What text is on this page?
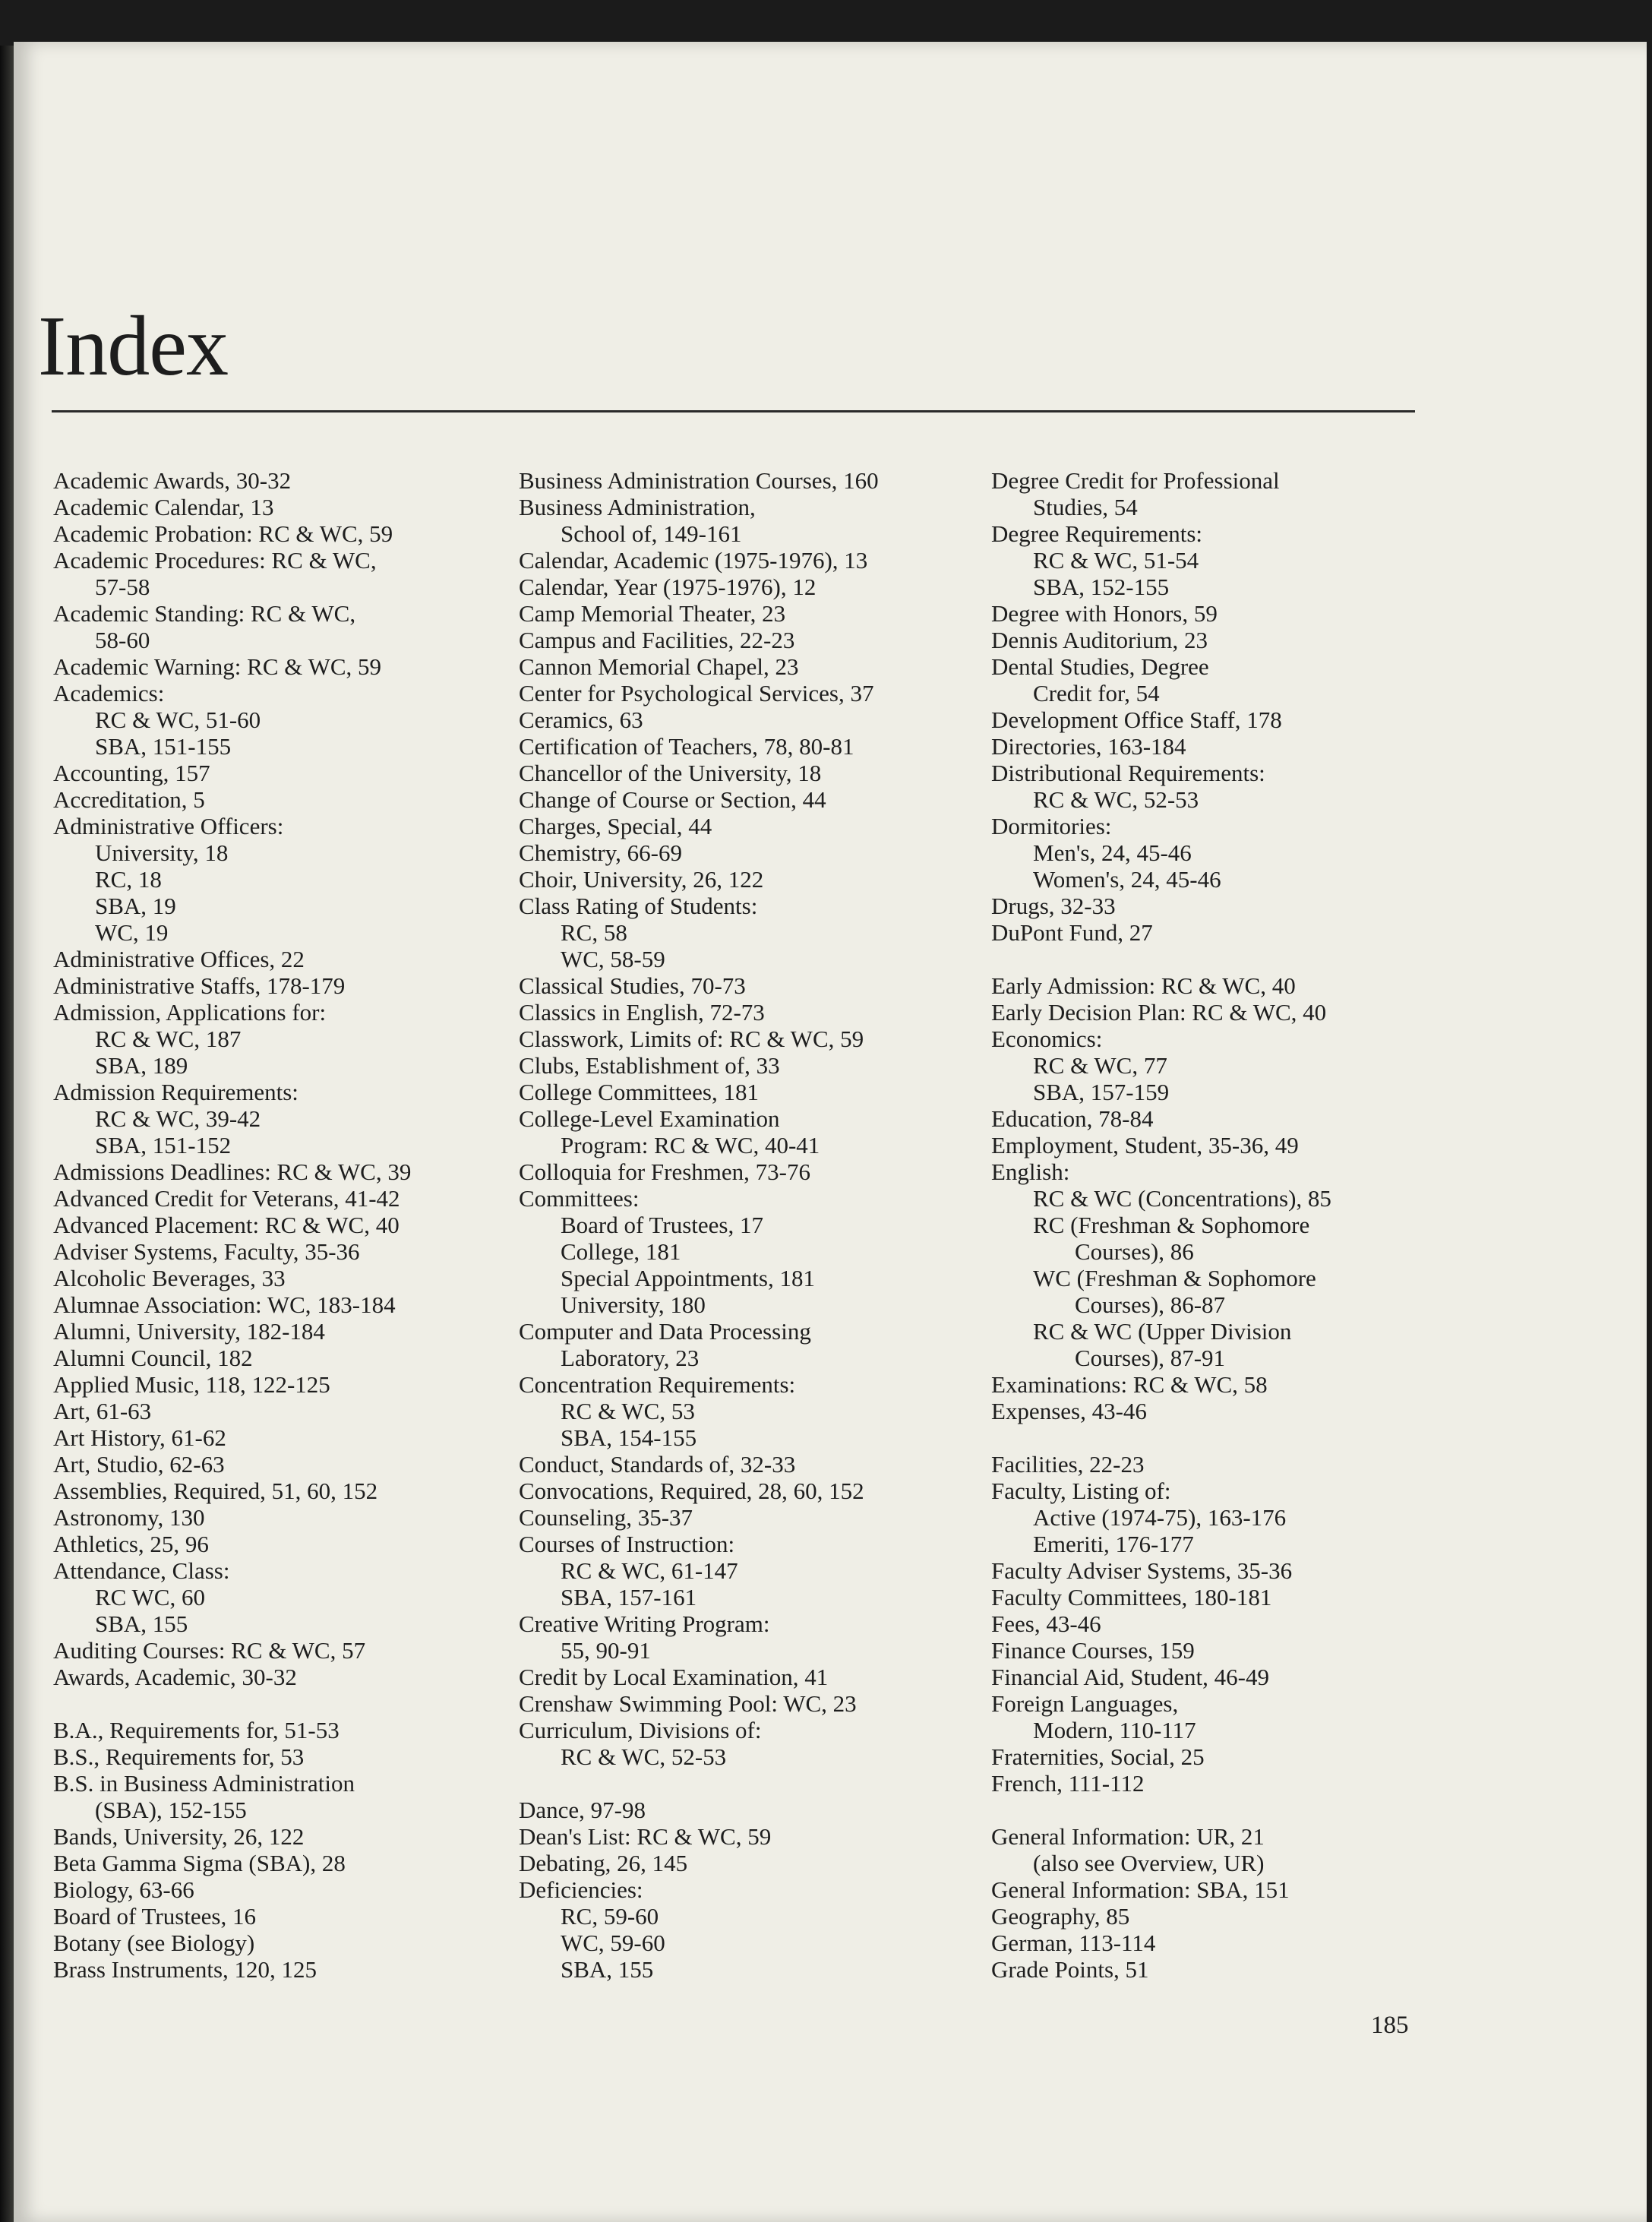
Index
Academic Awards, 30-32
Academic Calendar, 13
Academic Probation: RC & WC, 59
Academic Procedures: RC & WC,
57-58
Academic Standing: RC & WC,
58-60
Academic Warning: RC & WC, 59
Academics:
RC & WC, 51-60
SBA, 151-155
Accounting, 157
Accreditation, 5
Administrative Officers:
University, 18
RC, 18
SBA, 19
WC, 19
Administrative Offices, 22
Administrative Staffs, 178-179
Admission, Applications for:
RC & WC, 187
SBA, 189
Admission Requirements:
RC & WC, 39-42
SBA, 151-152
Admissions Deadlines: RC & WC, 39
Advanced Credit for Veterans, 41-42
Advanced Placement: RC & WC, 40
Adviser Systems, Faculty, 35-36
Alcoholic Beverages, 33
Alumnae Association: WC, 183-184
Alumni, University, 182-184
Alumni Council, 182
Applied Music, 118, 122-125
Art, 61-63
Art History, 61-62
Art, Studio, 62-63
Assemblies, Required, 51, 60, 152
Astronomy, 130
Athletics, 25, 96
Attendance, Class:
RC WC, 60
SBA, 155
Auditing Courses: RC & WC, 57
Awards, Academic, 30-32
B.A., Requirements for, 51-53
B.S., Requirements for, 53
B.S. in Business Administration
(SBA), 152-155
Bands, University, 26, 122
Beta Gamma Sigma (SBA), 28
Biology, 63-66
Board of Trustees, 16
Botany (see Biology)
Brass Instruments, 120, 125
Business Administration Courses, 160
Business Administration,
School of, 149-161
Calendar, Academic (1975-1976), 13
Calendar, Year (1975-1976), 12
Camp Memorial Theater, 23
Campus and Facilities, 22-23
Cannon Memorial Chapel, 23
Center for Psychological Services, 37
Ceramics, 63
Certification of Teachers, 78, 80-81
Chancellor of the University, 18
Change of Course or Section, 44
Charges, Special, 44
Chemistry, 66-69
Choir, University, 26, 122
Class Rating of Students:
RC, 58
WC, 58-59
Classical Studies, 70-73
Classics in English, 72-73
Classwork, Limits of: RC & WC, 59
Clubs, Establishment of, 33
College Committees, 181
College-Level Examination
Program: RC & WC, 40-41
Colloquia for Freshmen, 73-76
Committees:
Board of Trustees, 17
College, 181
Special Appointments, 181
University, 180
Computer and Data Processing
Laboratory, 23
Concentration Requirements:
RC & WC, 53
SBA, 154-155
Conduct, Standards of, 32-33
Convocations, Required, 28, 60, 152
Counseling, 35-37
Courses of Instruction:
RC & WC, 61-147
SBA, 157-161
Creative Writing Program:
55, 90-91
Credit by Local Examination, 41
Crenshaw Swimming Pool: WC, 23
Curriculum, Divisions of:
RC & WC, 52-53
Dance, 97-98
Dean's List: RC & WC, 59
Debating, 26, 145
Deficiencies:
RC, 59-60
WC, 59-60
SBA, 155
Degree Credit for Professional
Studies, 54
Degree Requirements:
RC & WC, 51-54
SBA, 152-155
Degree with Honors, 59
Dennis Auditorium, 23
Dental Studies, Degree
Credit for, 54
Development Office Staff, 178
Directories, 163-184
Distributional Requirements:
RC & WC, 52-53
Dormitories:
Men's, 24, 45-46
Women's, 24, 45-46
Drugs, 32-33
DuPont Fund, 27
Early Admission: RC & WC, 40
Early Decision Plan: RC & WC, 40
Economics:
RC & WC, 77
SBA, 157-159
Education, 78-84
Employment, Student, 35-36, 49
English:
RC & WC (Concentrations), 85
RC (Freshman & Sophomore
Courses), 86
WC (Freshman & Sophomore
Courses), 86-87
RC & WC (Upper Division
Courses), 87-91
Examinations: RC & WC, 58
Expenses, 43-46
Facilities, 22-23
Faculty, Listing of:
Active (1974-75), 163-176
Emeriti, 176-177
Faculty Adviser Systems, 35-36
Faculty Committees, 180-181
Fees, 43-46
Finance Courses, 159
Financial Aid, Student, 46-49
Foreign Languages,
Modern, 110-117
Fraternities, Social, 25
French, 111-112
General Information: UR, 21
(also see Overview, UR)
General Information: SBA, 151
Geography, 85
German, 113-114
Grade Points, 51
185
